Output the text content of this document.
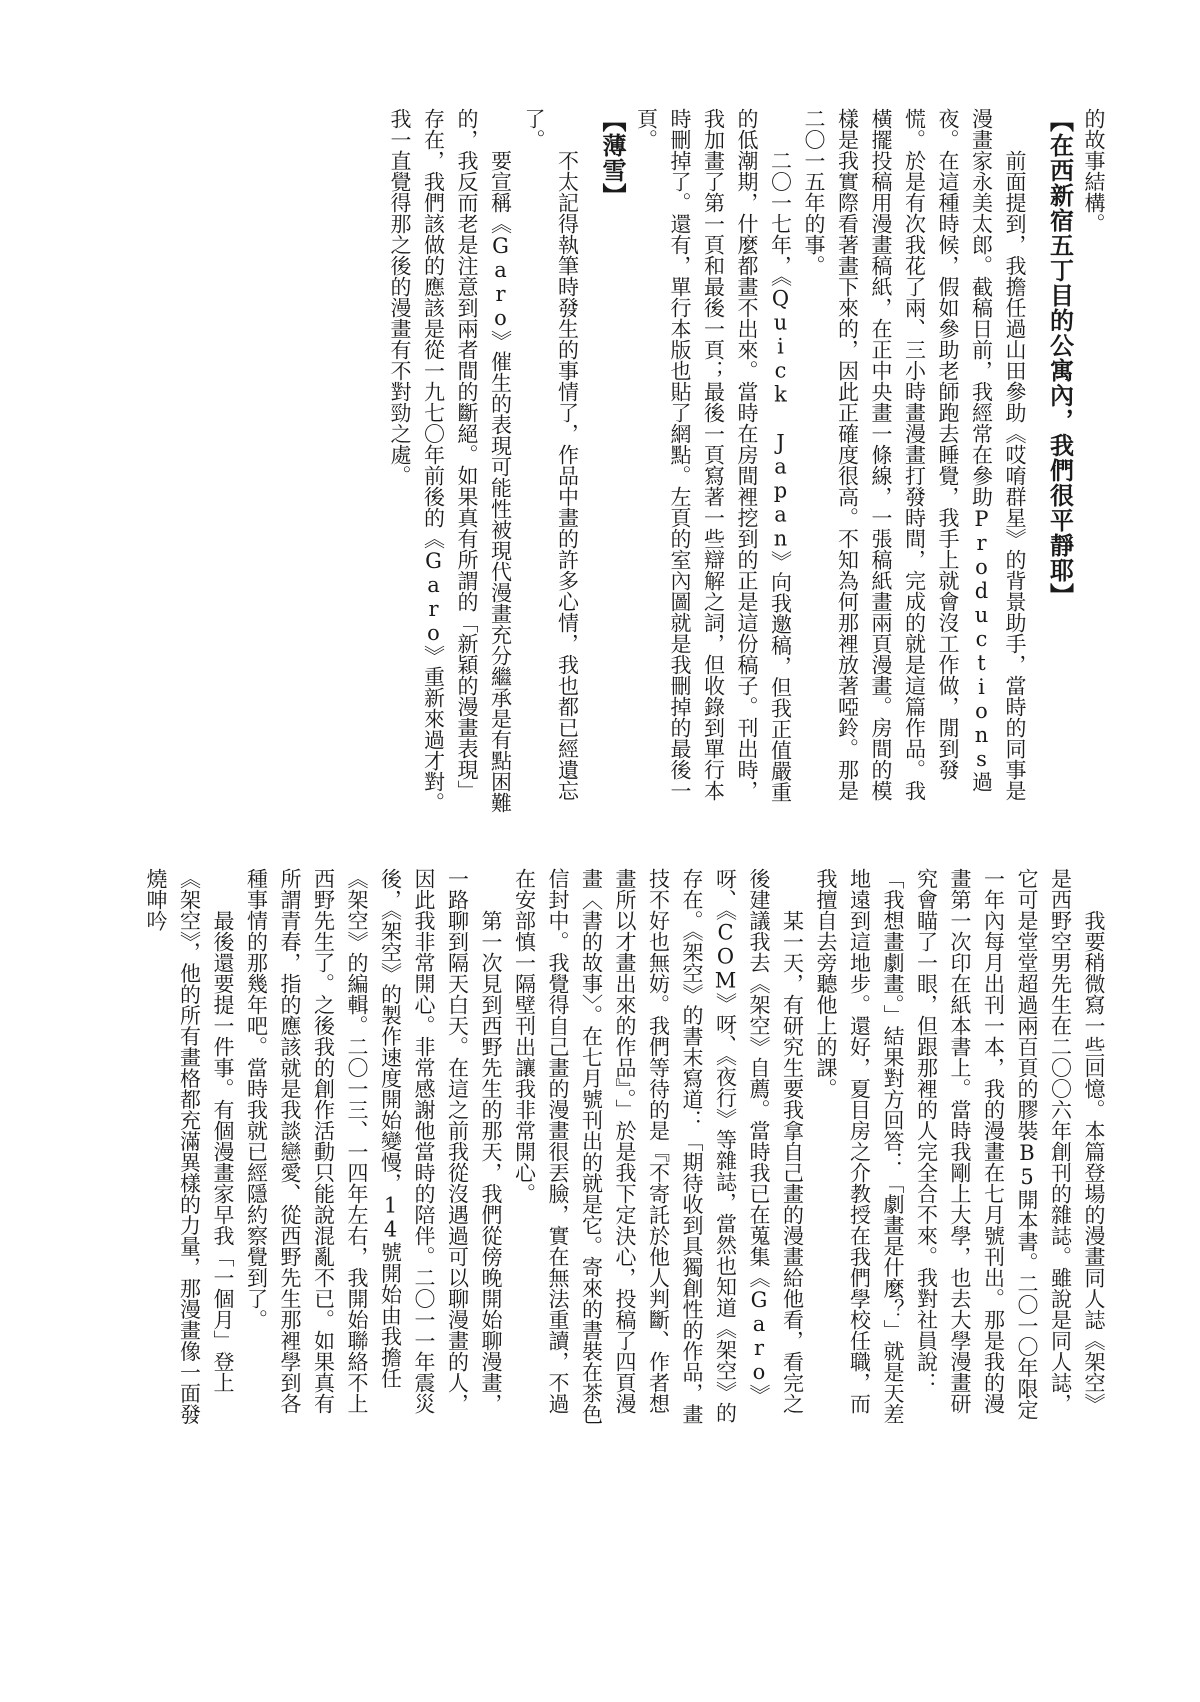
的故事結構。

【在西新宿五丁目的公寓內，我們很平靜耶】

前面提到，我擔任過山田參助《哎唷群星》的背景助手，當時的同事是漫畫家永美太郎。截稿日前，我經常在參助Productions過夜。在這種時候，假如參助老師跑去睡覺，我手上就會沒工作做，閒到發慌。於是有次我花了兩、三小時畫漫畫打發時間，完成的就是這篇作品。我橫擺投稿用漫畫稿紙，在正中央畫一條線，一張稿紙畫兩頁漫畫。房間的模樣是我實際看著畫下來的，因此正確度很高。不知為何那裡放著啞鈴。那是二〇一五年的事。

二〇一七年，《Quick Japan》向我邀稿，但我正值嚴重的低潮期，什麼都畫不出來。當時在房間裡挖到的正是這份稿子。刊出時，我加畫了第一頁和最後一頁；最後一頁寫著一些辯解之詞，但收錄到單行本時刪掉了。還有，單行本版也貼了網點。左頁的室內圖就是我刪掉的最後一頁。

【薄雪】

不太記得執筆時發生的事情了，作品中畫的許多心情，我也都已經遺忘了。

要宣稱《Garo》催生的表現可能性被現代漫畫充分繼承是有點困難的，我反而老是注意到兩者間的斷絕。如果真有所謂的「新穎的漫畫表現」存在，我們該做的應該是從一九七〇年前後的《Garo》重新來過才對。我一直覺得那之後的漫畫有不對勁之處。

我要稍微寫一些回憶。本篇登場的漫畫同人誌《架空》是西野空男先生在二〇〇六年創刊的雜誌。雖說是同人誌，它可是堂堂超過兩百頁的膠裝B5開本書。二〇一〇年限定一年內每月出刊一本，我的漫畫在七月號刊出。那是我的漫畫第一次印在紙本書上。當時我剛上大學，也去大學漫畫研究會瞄了一眼，但跟那裡的人完全合不來。我對社員說：「我想畫劇畫。」結果對方回答：「劇畫是什麼？」就是天差地遠到這地步。還好，夏目房之介教授在我們學校任職，而我擅自去旁聽他上的課。

某一天，有研究生要我拿自己畫的漫畫給他看，看完之後建議我去《架空》自薦。當時我已在蒐集《Garo》呀、《COM》呀、《夜行》等雜誌，當然也知道《架空》的存在。《架空》的書末寫道：「期待收到具獨創性的作品，畫技不好也無妨。我們等待的是『不寄託於他人判斷、作者想畫所以才畫出來的作品』。」於是我下定決心，投稿了四頁漫畫〈書的故事〉。在七月號刊出的就是它。寄來的書裝在茶色信封中。我覺得自己畫的漫畫很丟臉，實在無法重讀，不過在安部慎一隔壁刊出讓我非常開心。

第一次見到西野先生的那天，我們從傍晚開始聊漫畫，一路聊到隔天白天。在這之前我從沒遇過可以聊漫畫的人，因此我非常開心。非常感謝他當時的陪伴。二〇一一年震災後，《架空》的製作速度開始變慢，14號開始由我擔任《架空》的編輯。二〇一三、一四年左右，我開始聯絡不上西野先生了。之後我的創作活動只能說混亂不已。如果真有所謂青春，指的應該就是我談戀愛、從西野先生那裡學到各種事情的那幾年吧。當時我就已經隱約察覺到了。

最後還要提一件事。有個漫畫家早我「一個月」登上《架空》，他的所有畫格都充滿異樣的力量，那漫畫像一面發燒呻吟
